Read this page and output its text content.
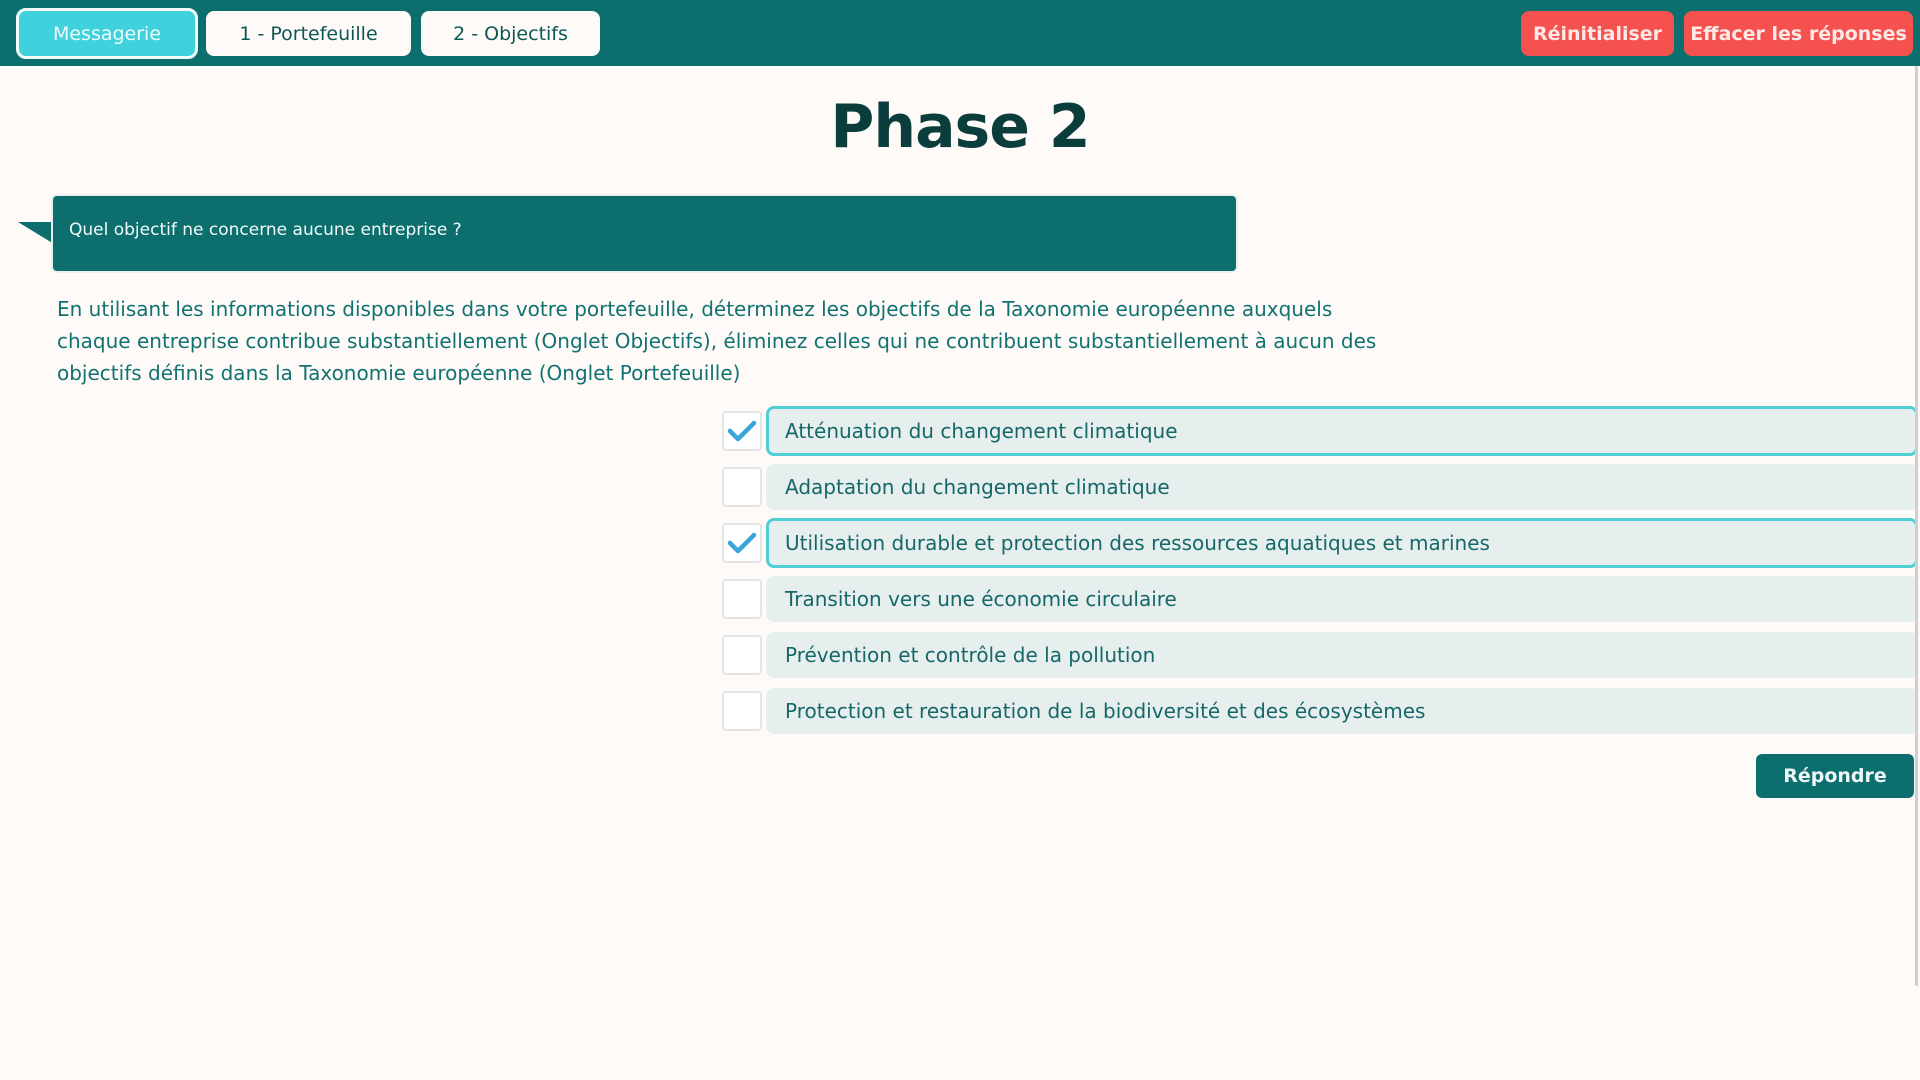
Messagerie	1 - Portefeuille	2 - Objectifs	Réinitialiser	Effacer les réponses
Phase 2
Quel objectif ne concerne aucune entreprise ?

En utilisant les informations disponibles dans votre portefeuille, déterminez les objectifs de la Taxonomie européenne auxquels chaque entreprise contribue substantiellement (Onglet Objectifs), éliminez celles qui ne contribuent substantiellement à aucun des objectifs définis dans la Taxonomie européenne (Onglet Portefeuille)

Atténuation du changement climatique
Adaptation du changement climatique
Utilisation durable et protection des ressources aquatiques et marines
Transition vers une économie circulaire
Prévention et contrôle de la pollution
Protection et restauration de la biodiversité et des écosystèmes
Répondre
